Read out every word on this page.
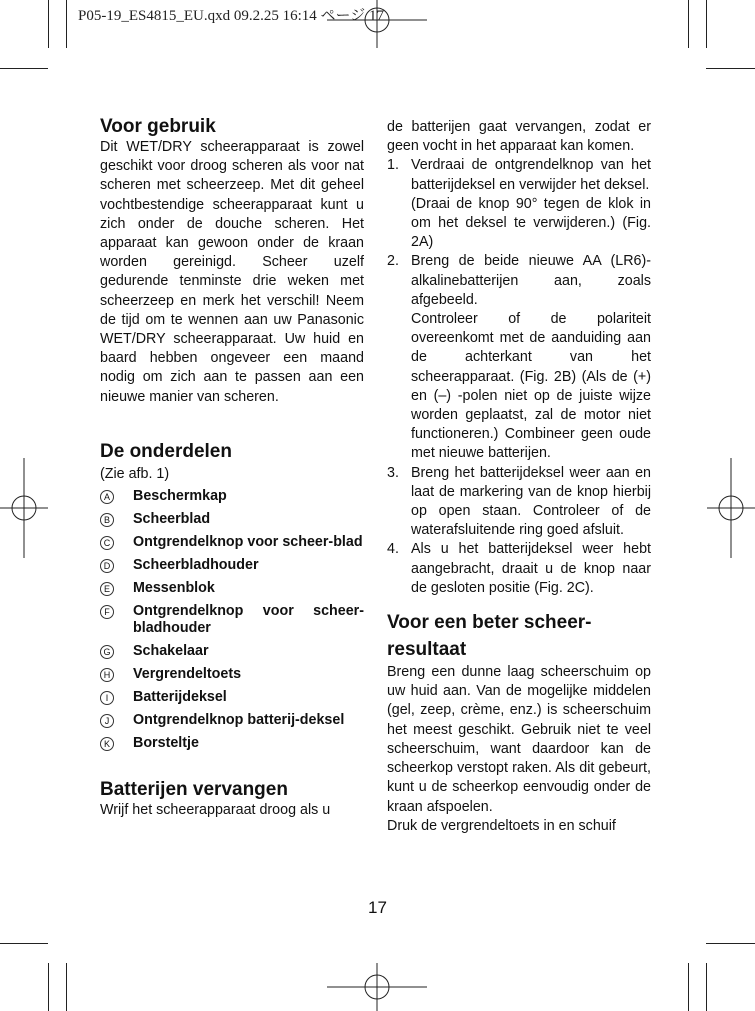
P05-19_ES4815_EU.qxd 09.2.25 16:14 ページ 17
Voor gebruik

Dit WET/DRY scheerapparaat is zowel geschikt voor droog scheren als voor nat scheren met scheerzeep. Met dit geheel vochtbestendige scheerapparaat kunt u zich onder de douche scheren. Het apparaat kan gewoon onder de kraan worden gereinigd. Scheer uzelf gedurende tenminste drie weken met scheerzeep en merk het verschil! Neem de tijd om te wennen aan uw Panasonic WET/DRY scheerapparaat. Uw huid en baard hebben ongeveer een maand nodig om zich aan te passen aan een nieuwe manier van scheren.

De onderdelen

(Zie afb. 1)

A Beschermkap
B Scheerblad
C Ontgrendelknop voor scheer-blad
D Scheerbladhouder
E Messenblok
F Ontgrendelknop voor scheer-bladhouder
G Schakelaar
H Vergrendeltoets
I	Batterijdeksel
J	Ontgrendelknop batterij-deksel
K Borsteltje
Batterijen vervangen

Wrijf het scheerapparaat droog als u

de batterijen gaat vervangen, zodat er geen vocht in het apparaat kan komen.

1. Verdraai de ontgrendelknop van het batterijdeksel en verwijder het deksel.
(Draai de knop 90° tegen de klok in om het deksel te verwijderen.) (Fig. 2A)
2. Breng de beide nieuwe AA (LR6)-alkalinebatterijen aan, zoals afgebeeld.
Controleer of de polariteit overeenkomt met de aanduiding aan de achterkant van het scheerapparaat. (Fig. 2B) (Als de (+) en (–) -polen niet op de juiste wijze worden geplaatst, zal de motor niet functioneren.) Combineer geen oude met nieuwe batterijen.
3. Breng het batterijdeksel weer aan en laat de markering van de knop hierbij op open staan. Controleer of de waterafsluitende ring goed afsluit.
4. Als u het batterijdeksel weer hebt aangebracht, draait u de knop naar de gesloten positie (Fig. 2C).
Voor een beter scheer-resultaat

Breng een dunne laag scheerschuim op uw huid aan. Van de mogelijke middelen (gel, zeep, crème, enz.) is scheerschuim het meest geschikt. Gebruik niet te veel scheerschuim, want daardoor kan de scheerkop verstopt raken. Als dit gebeurt, kunt u de scheerkop eenvoudig onder de kraan afspoelen.

Druk de vergrendeltoets in en schuif

17
